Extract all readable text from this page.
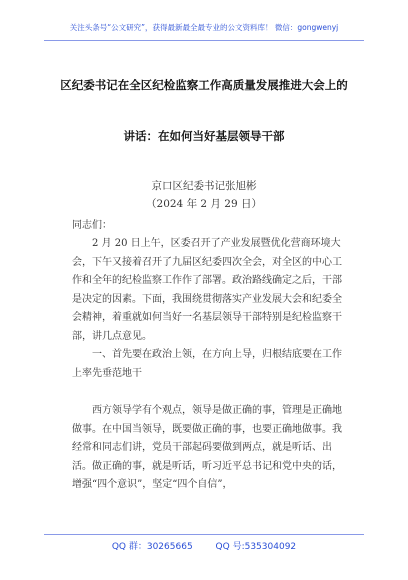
关注头条号“公文研究”，获得最新最全最专业的公文资料库！ 微信：gongwenyj
区纪委书记在全区纪检监察工作高质量发展推进大会上的
讲话：在如何当好基层领导干部
京口区纪委书记张旭彬
（2024 年 2 月 29 日）
同志们：

2 月 20 日上午，区委召开了产业发展暨优化营商环境大会，下午又接着召开了九届区纪委四次全会，对全区的中心工作和全年的纪检监察工作作了部署。政治路线确定之后，干部是决定的因素。下面，我围绕贯彻落实产业发展大会和纪委全会精神，着重就如何当好一名基层领导干部特别是纪检监察干部，讲几点意见。

一、首先要在政治上领，在方向上导，归根结底要在工作上率先垂范地干

西方领导学有个观点，领导是做正确的事，管理是正确地做事。在中国当领导，既要做正确的事，也要正确地做事。我经常和同志们讲，党员干部起码要做到两点，就是听话、出活。做正确的事，就是听话，听习近平总书记和党中央的话，增强“四个意识”，坚定“四个自信”，

QQ 群：30265665	QQ 号:535304092
